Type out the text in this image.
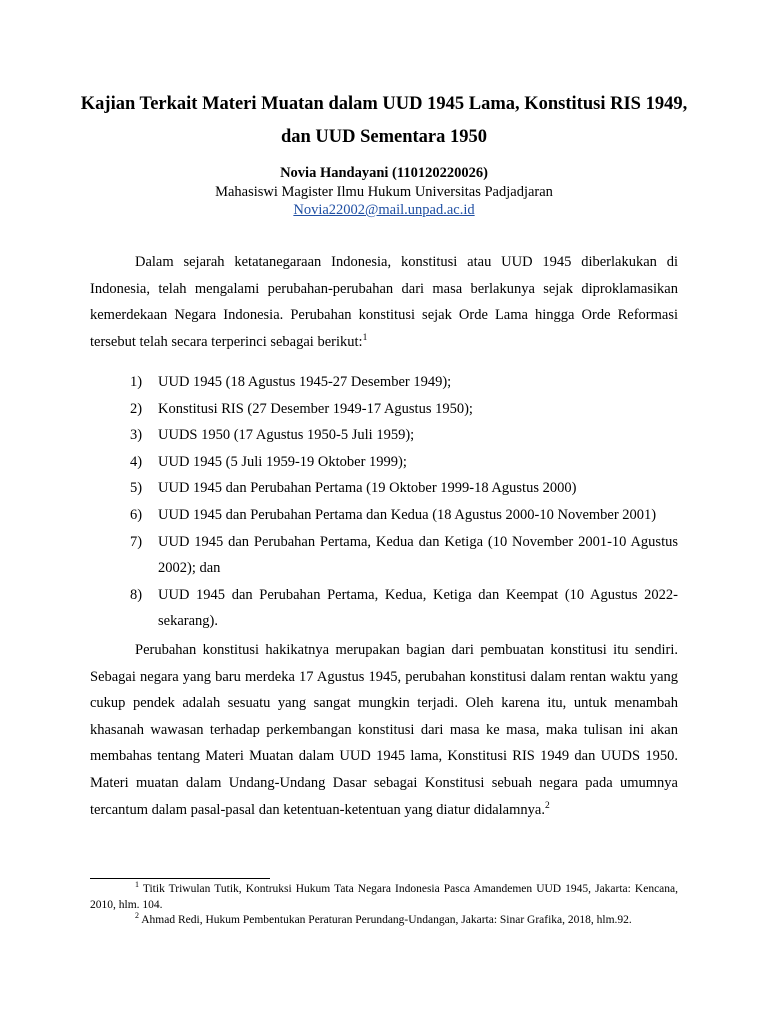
Kajian Terkait Materi Muatan dalam UUD 1945 Lama, Konstitusi RIS 1949,
dan UUD Sementara 1950
Novia Handayani (110120220026)
Mahasiswi Magister Ilmu Hukum Universitas Padjadjaran
Novia22002@mail.unpad.ac.id

Dalam sejarah ketatanegaraan Indonesia, konstitusi atau UUD 1945 diberlakukan di Indonesia, telah mengalami perubahan-perubahan dari masa berlakunya sejak diproklamasikan kemerdekaan Negara Indonesia. Perubahan konstitusi sejak Orde Lama hingga Orde Reformasi tersebut telah secara terperinci sebagai berikut:$^1$

1) UUD 1945 (18 Agustus 1945-27 Desember 1949);
2) Konstitusi RIS (27 Desember 1949-17 Agustus 1950);
3) UUDS 1950 (17 Agustus 1950-5 Juli 1959);
4) UUD 1945 (5 Juli 1959-19 Oktober 1999);
5) UUD 1945 dan Perubahan Pertama (19 Oktober 1999-18 Agustus 2000)
6) UUD 1945 dan Perubahan Pertama dan Kedua (18 Agustus 2000-10 November 2001)
7) UUD 1945 dan Perubahan Pertama, Kedua dan Ketiga (10 November 2001-10 Agustus 2002); dan
8) UUD 1945 dan Perubahan Pertama, Kedua, Ketiga dan Keempat (10 Agustus 2022-sekarang).

Perubahan konstitusi hakikatnya merupakan bagian dari pembuatan konstitusi itu sendiri. Sebagai negara yang baru merdeka 17 Agustus 1945, perubahan konstitusi dalam rentan waktu yang cukup pendek adalah sesuatu yang sangat mungkin terjadi. Oleh karena itu, untuk menambah khasanah wawasan terhadap perkembangan konstitusi dari masa ke masa, maka tulisan ini akan membahas tentang Materi Muatan dalam UUD 1945 lama, Konstitusi RIS 1949 dan UUDS 1950. Materi muatan dalam Undang-Undang Dasar sebagai Konstitusi sebuah negara pada umumnya tercantum dalam pasal-pasal dan ketentuan-ketentuan yang diatur didalamnya.$^2$

$^1$ Titik Triwulan Tutik, Kontruksi Hukum Tata Negara Indonesia Pasca Amandemen UUD 1945, Jakarta: Kencana, 2010, hlm. 104.
$^2$ Ahmad Redi, Hukum Pembentukan Peraturan Perundang-Undangan, Jakarta: Sinar Grafika, 2018, hlm.92.
